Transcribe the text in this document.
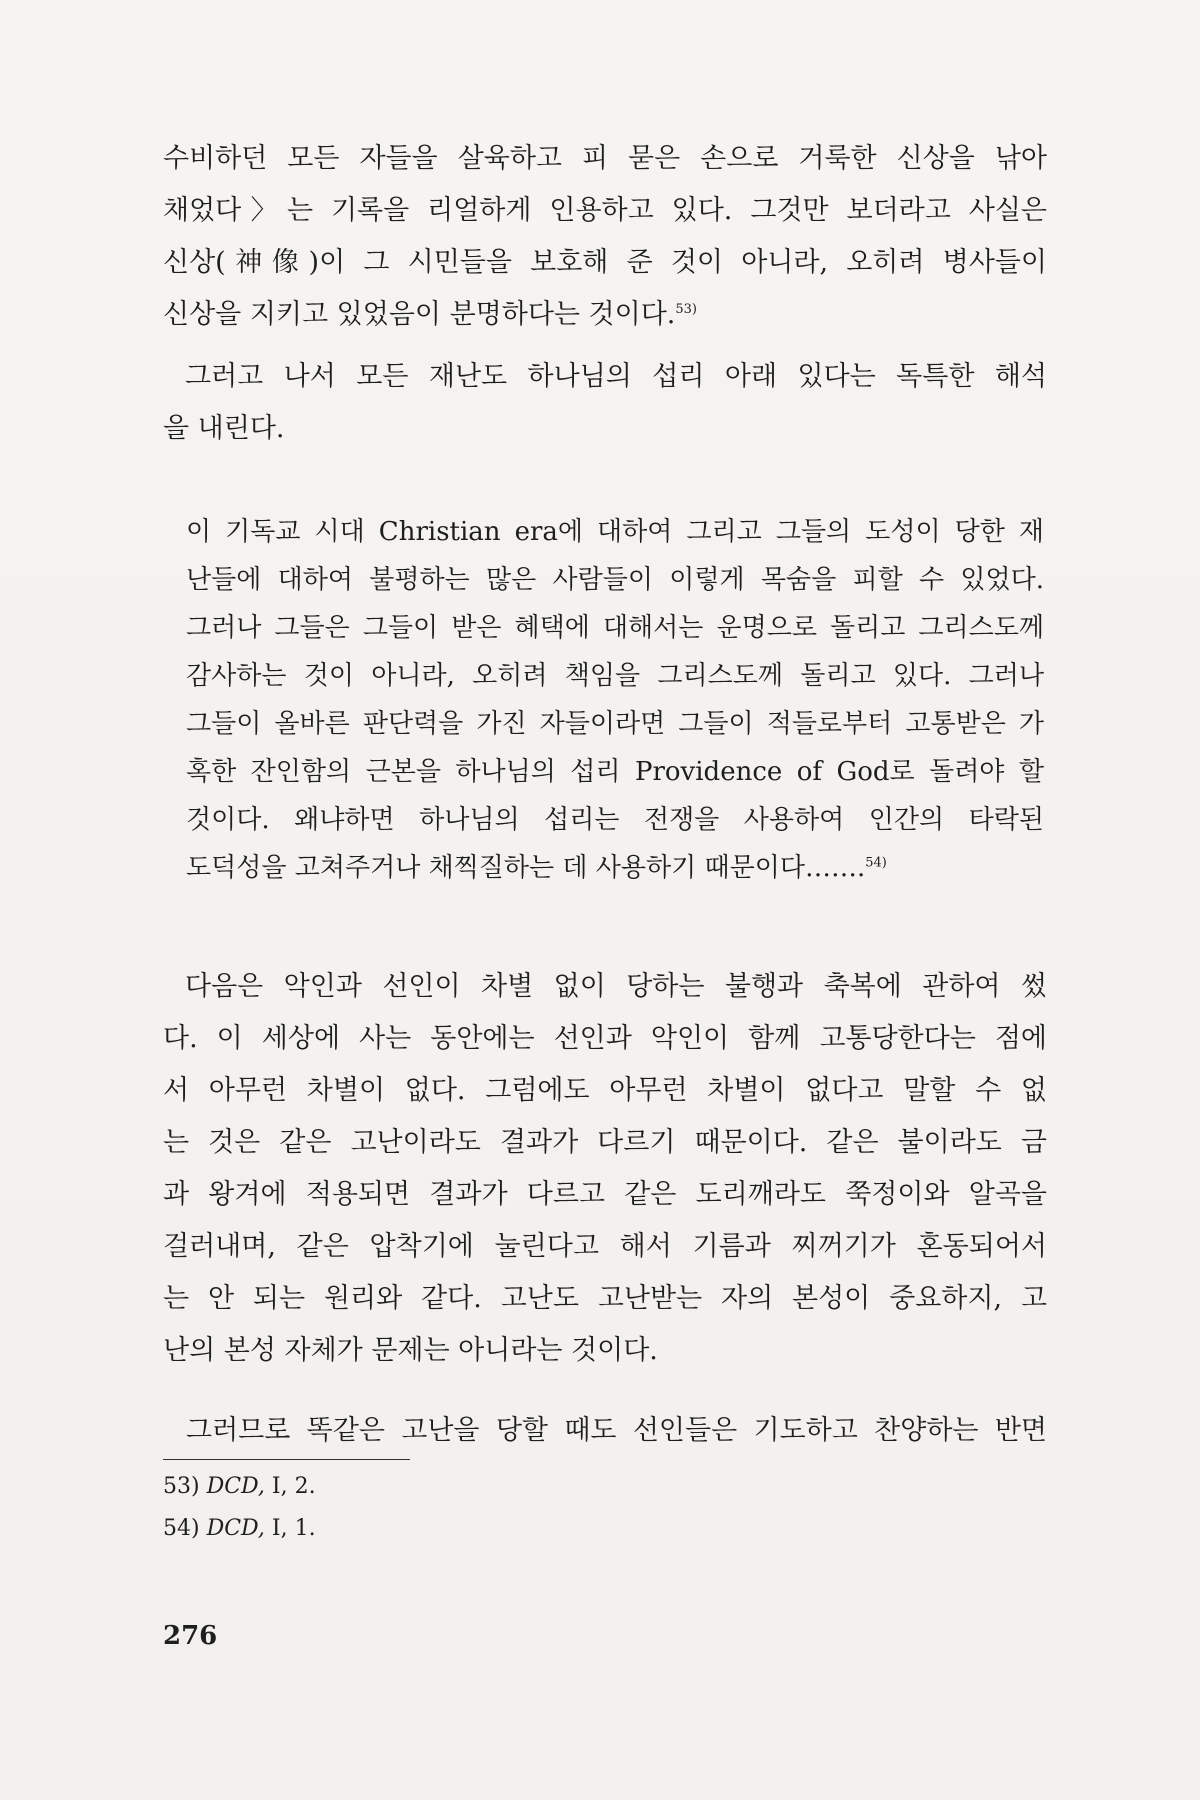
수비하던 모든 자들을 살육하고 피 묻은 손으로 거룩한 신상을 낚아
채었다〉는 기록을 리얼하게 인용하고 있다. 그것만 보더라고 사실은
신상(神像)이 그 시민들을 보호해 준 것이 아니라, 오히려 병사들이
신상을 지키고 있었음이 분명하다는 것이다.$^{53)}$
그러고 나서 모든 재난도 하나님의 섭리 아래 있다는 독특한 해석
을 내린다.
이 기독교 시대 Christian era에 대하여 그리고 그들의 도성이 당한 재
난들에 대하여 불평하는 많은 사람들이 이렇게 목숨을 피할 수 있었다.
그러나 그들은 그들이 받은 혜택에 대해서는 운명으로 돌리고 그리스도께
감사하는 것이 아니라, 오히려 책임을 그리스도께 돌리고 있다. 그러나
그들이 올바른 판단력을 가진 자들이라면 그들이 적들로부터 고통받은 가
혹한 잔인함의 근본을 하나님의 섭리 Providence of God로 돌려야 할
것이다. 왜냐하면 하나님의 섭리는 전쟁을 사용하여 인간의 타락된
도덕성을 고쳐주거나 채찍질하는 데 사용하기 때문이다…….$^{54)}$
다음은 악인과 선인이 차별 없이 당하는 불행과 축복에 관하여 썼
다. 이 세상에 사는 동안에는 선인과 악인이 함께 고통당한다는 점에
서 아무런 차별이 없다. 그럼에도 아무런 차별이 없다고 말할 수 없
는 것은 같은 고난이라도 결과가 다르기 때문이다. 같은 불이라도 금
과 왕겨에 적용되면 결과가 다르고 같은 도리깨라도 쭉정이와 알곡을
걸러내며, 같은 압착기에 눌린다고 해서 기름과 찌꺼기가 혼동되어서
는 안 되는 원리와 같다. 고난도 고난받는 자의 본성이 중요하지, 고
난의 본성 자체가 문제는 아니라는 것이다.
그러므로 똑같은 고난을 당할 때도 선인들은 기도하고 찬양하는 반면
53) DCD, Ⅰ, 2.
54) DCD, Ⅰ, 1.
276
